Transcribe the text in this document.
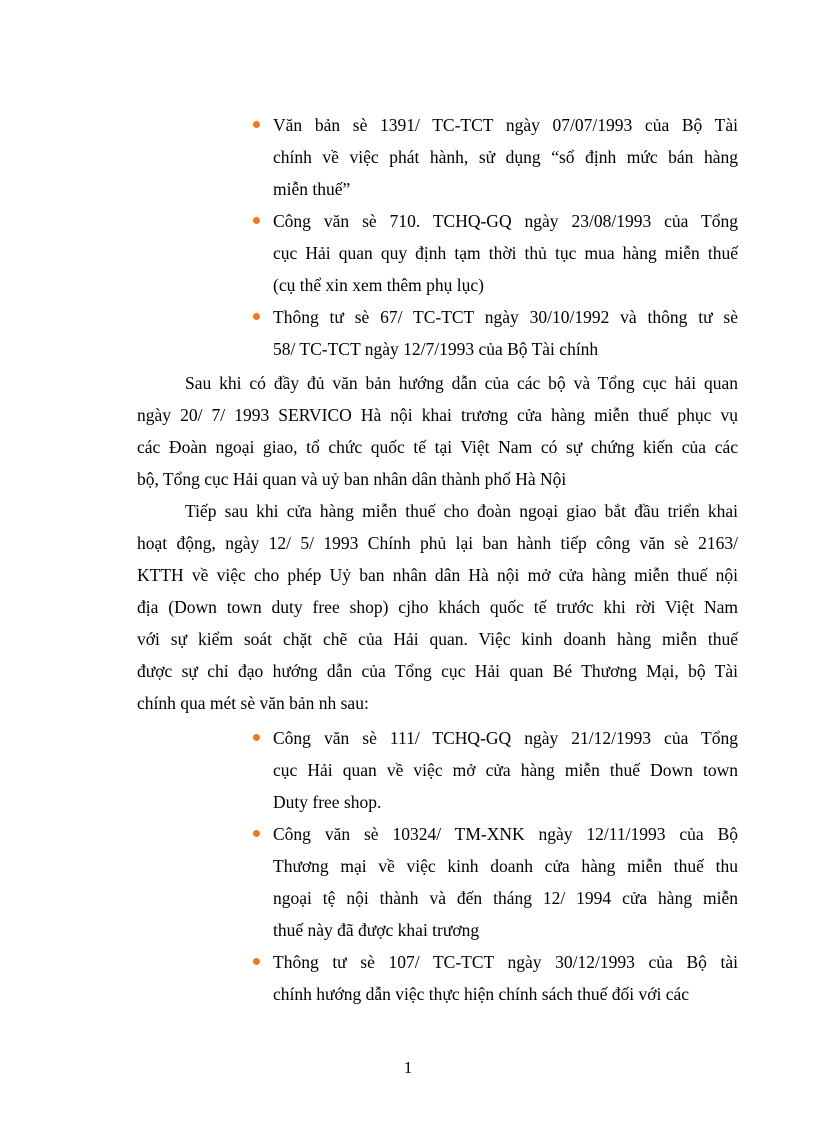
Văn bản sè 1391/ TC-TCT ngày 07/07/1993 của Bộ Tài
chính về việc phát hành, sử dụng “sổ định mức bán hàng
miễn thuế”
Công văn sè 710. TCHQ-GQ ngày 23/08/1993 của Tổng
cục Hải quan quy định tạm thời thủ tục mua hàng miễn thuế
(cụ thể xin xem thêm phụ lục)
Thông tư sè 67/ TC-TCT ngày 30/10/1992 và thông tư sè
58/ TC-TCT ngày 12/7/1993 của Bộ Tài chính
Sau khi có đầy đủ văn bản hướng dẫn của các bộ và Tổng cục hải quan
ngày 20/ 7/ 1993 SERVICO Hà nội khai trương cửa hàng miễn thuế phục vụ
các Đoàn ngoại giao, tổ chức quốc tế tại Việt Nam có sự chứng kiến của các
bộ, Tổng cục Hải quan và uỷ ban nhân dân thành phố Hà Nội
Tiếp sau khi cửa hàng miễn thuế cho đoàn ngoại giao bắt đầu triển khai
hoạt động, ngày 12/ 5/ 1993 Chính phủ lại ban hành tiếp công văn sè 2163/
KTTH về việc cho phép Uỷ ban nhân dân Hà nội mở cửa hàng miễn thuế nội
địa (Down town duty free shop) cjho khách quốc tế trước khi rời Việt Nam
với sự kiểm soát chặt chẽ của Hải quan. Việc kinh doanh hàng miễn thuế
được sự chỉ đạo hướng dẫn của Tổng cục Hải quan Bé Thương Mại, bộ Tài
chính qua mét sè văn bản nh sau:
Công văn sè 111/ TCHQ-GQ ngày 21/12/1993 của Tổng
cục Hải quan về việc mở cửa hàng miễn thuế Down town
Duty free shop.
Công văn sè 10324/ TM-XNK ngày 12/11/1993 của Bộ
Thương mại về việc kinh doanh cửa hàng miễn thuế thu
ngoại tệ nội thành và đến tháng 12/ 1994 cửa hàng miễn
thuế này đã được khai trương
Thông tư sè 107/ TC-TCT ngày 30/12/1993 của Bộ tài
chính hướng dẫn việc thực hiện chính sách thuế đối với các
1
